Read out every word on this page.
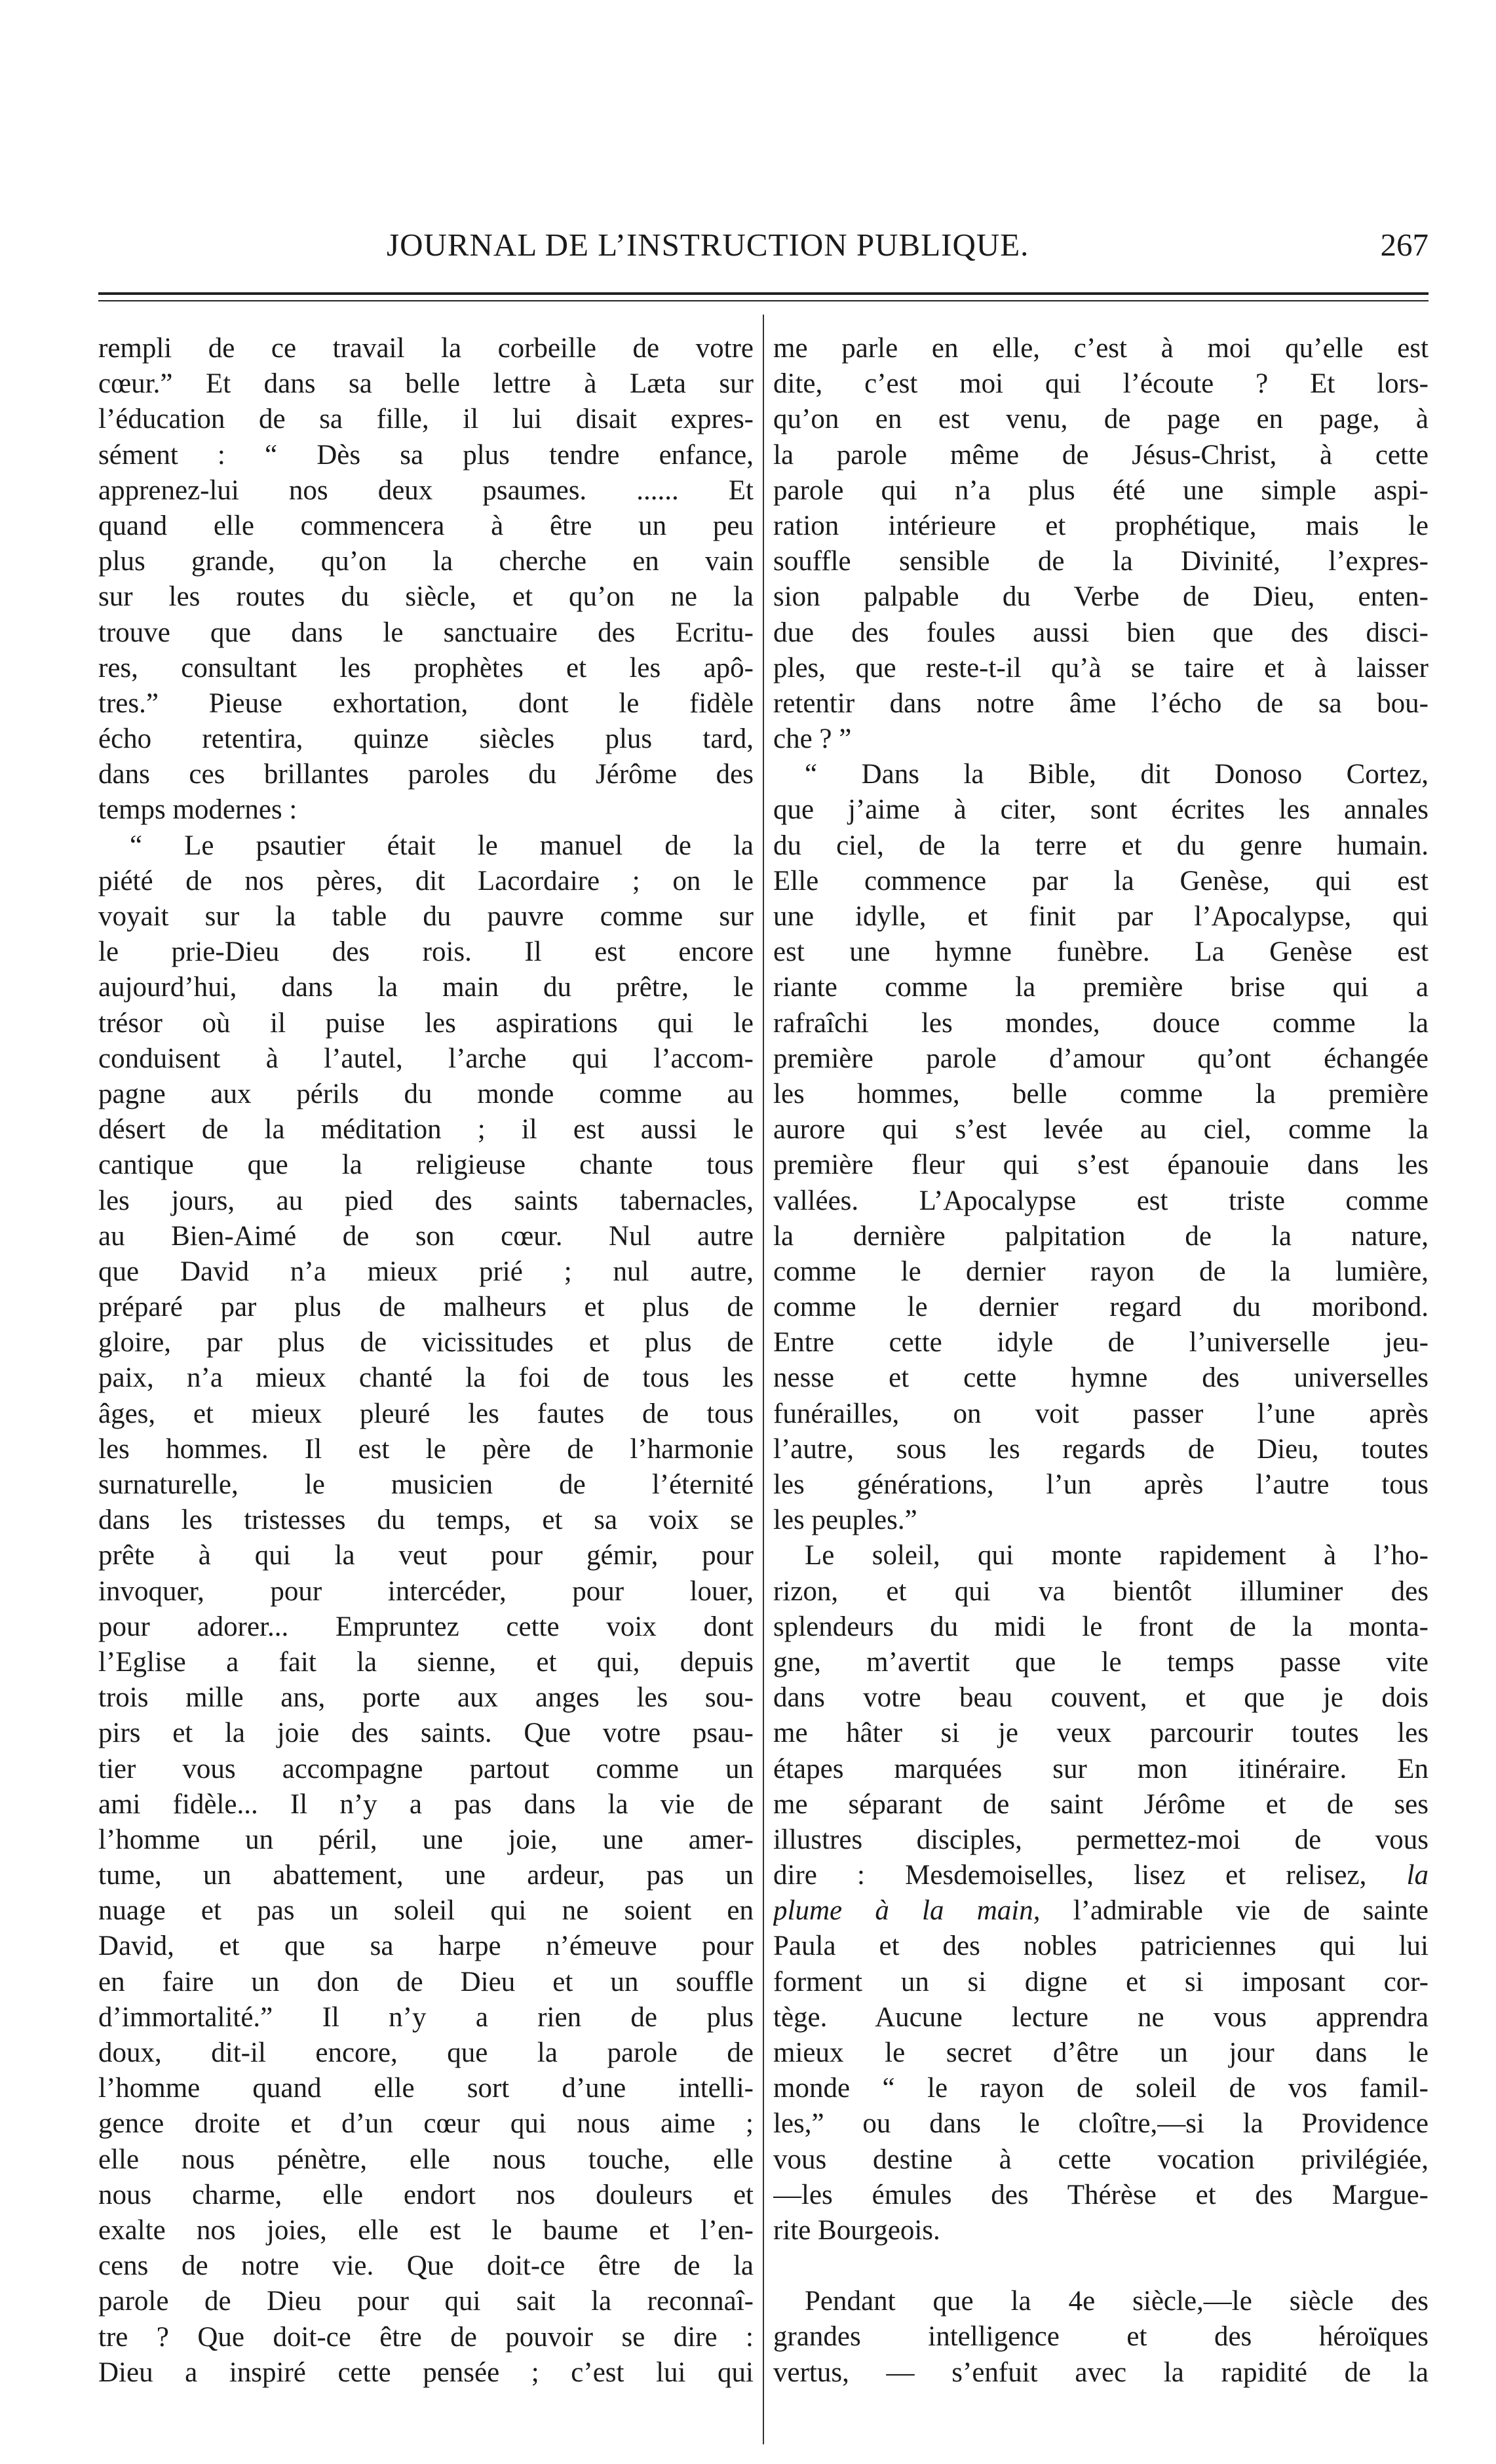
JOURNAL DE L’INSTRUCTION PUBLIQUE.	267
rempli de ce travail la corbeille de votre
cœur.” Et dans sa belle lettre à Læta sur
l’éducation de sa fille, il lui disait expres-
sément : “ Dès sa plus tendre enfance,
apprenez-lui nos deux psaumes. ...... Et
quand elle commencera à être un peu
plus grande, qu’on la cherche en vain
sur les routes du siècle, et qu’on ne la
trouve que dans le sanctuaire des Ecritu-
res, consultant les prophètes et les apô-
tres.” Pieuse exhortation, dont le fidèle
écho retentira, quinze siècles plus tard,
dans ces brillantes paroles du Jérôme des
temps modernes :
“ Le psautier était le manuel de la
piété de nos pères, dit Lacordaire ; on le
voyait sur la table du pauvre comme sur
le prie-Dieu des rois. Il est encore
aujourd’hui, dans la main du prêtre, le
trésor où il puise les aspirations qui le
conduisent à l’autel, l’arche qui l’accom-
pagne aux périls du monde comme au
désert de la méditation ; il est aussi le
cantique que la religieuse chante tous
les jours, au pied des saints tabernacles,
au Bien-Aimé de son cœur. Nul autre
que David n’a mieux prié ; nul autre,
préparé par plus de malheurs et plus de
gloire, par plus de vicissitudes et plus de
paix, n’a mieux chanté la foi de tous les
âges, et mieux pleuré les fautes de tous
les hommes. Il est le père de l’harmonie
surnaturelle, le musicien de l’éternité
dans les tristesses du temps, et sa voix se
prête à qui la veut pour gémir, pour
invoquer, pour intercéder, pour louer,
pour adorer... Empruntez cette voix dont
l’Eglise a fait la sienne, et qui, depuis
trois mille ans, porte aux anges les sou-
pirs et la joie des saints. Que votre psau-
tier vous accompagne partout comme un
ami fidèle... Il n’y a pas dans la vie de
l’homme un péril, une joie, une amer-
tume, un abattement, une ardeur, pas un
nuage et pas un soleil qui ne soient en
David, et que sa harpe n’émeuve pour
en faire un don de Dieu et un souffle
d’immortalité.” Il n’y a rien de plus
doux, dit-il encore, que la parole de
l’homme quand elle sort d’une intelli-
gence droite et d’un cœur qui nous aime ;
elle nous pénètre, elle nous touche, elle
nous charme, elle endort nos douleurs et
exalte nos joies, elle est le baume et l’en-
cens de notre vie. Que doit-ce être de la
parole de Dieu pour qui sait la reconnaî-
tre ? Que doit-ce être de pouvoir se dire :
Dieu a inspiré cette pensée ; c’est lui qui
me parle en elle, c’est à moi qu’elle est
dite, c’est moi qui l’écoute ? Et lors-
qu’on en est venu, de page en page, à
la parole même de Jésus-Christ, à cette
parole qui n’a plus été une simple aspi-
ration intérieure et prophétique, mais le
souffle sensible de la Divinité, l’expres-
sion palpable du Verbe de Dieu, enten-
due des foules aussi bien que des disci-
ples, que reste-t-il qu’à se taire et à laisser
retentir dans notre âme l’écho de sa bou-
che ? ”
“ Dans la Bible, dit Donoso Cortez,
que j’aime à citer, sont écrites les annales
du ciel, de la terre et du genre humain.
Elle commence par la Genèse, qui est
une idylle, et finit par l’Apocalypse, qui
est une hymne funèbre. La Genèse est
riante comme la première brise qui a
rafraîchi les mondes, douce comme la
première parole d’amour qu’ont échangée
les hommes, belle comme la première
aurore qui s’est levée au ciel, comme la
première fleur qui s’est épanouie dans les
vallées. L’Apocalypse est triste comme
la dernière palpitation de la nature,
comme le dernier rayon de la lumière,
comme le dernier regard du moribond.
Entre cette idyle de l’universelle jeu-
nesse et cette hymne des universelles
funérailles, on voit passer l’une après
l’autre, sous les regards de Dieu, toutes
les générations, l’un après l’autre tous
les peuples.”
Le soleil, qui monte rapidement à l’ho-
rizon, et qui va bientôt illuminer des
splendeurs du midi le front de la monta-
gne, m’avertit que le temps passe vite
dans votre beau couvent, et que je dois
me hâter si je veux parcourir toutes les
étapes marquées sur mon itinéraire. En
me séparant de saint Jérôme et de ses
illustres disciples, permettez-moi de vous
dire : Mesdemoiselles, lisez et relisez, la
plume à la main, l’admirable vie de sainte
Paula et des nobles patriciennes qui lui
forment un si digne et si imposant cor-
tège. Aucune lecture ne vous apprendra
mieux le secret d’être un jour dans le
monde “ le rayon de soleil de vos famil-
les,” ou dans le cloître,—si la Providence
vous destine à cette vocation privilégiée,
—les émules des Thérèse et des Margue-
rite Bourgeois.
Pendant que la 4e siècle,—le siècle des
grandes intelligence et des héroïques
vertus, — s’enfuit avec la rapidité de la
